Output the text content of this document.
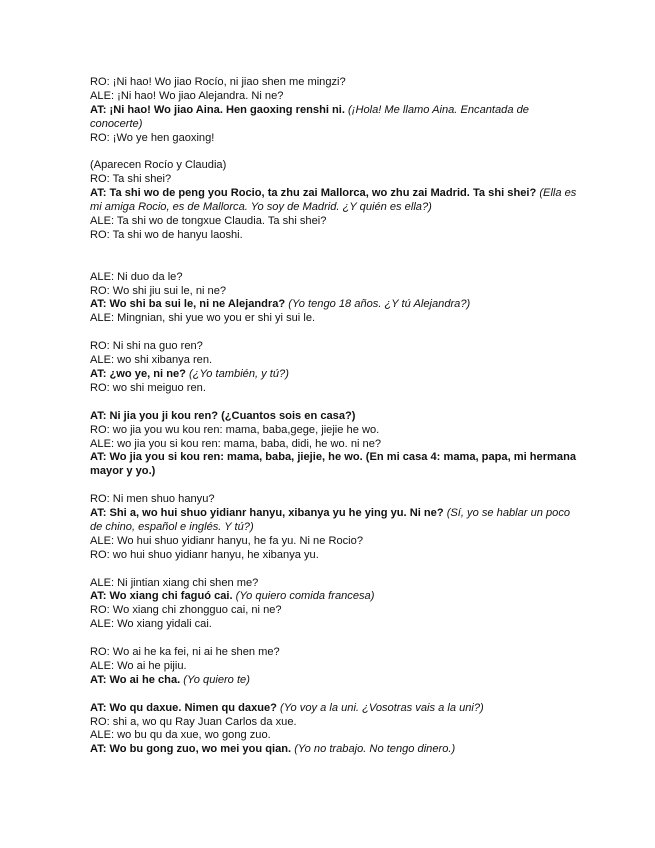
RO: ¡Ni hao! Wo jiao Rocío, ni jiao shen me mingzi?

ALE: ¡Ni hao! Wo jiao Alejandra. Ni ne?

AT: ¡Ni hao! Wo jiao Aina. Hen gaoxing renshi ni. (¡Hola! Me llamo Aina. Encantada de conocerte)

RO: ¡Wo ye hen gaoxing!

(Aparecen Rocío y Claudia)

RO: Ta shi shei?

AT: Ta shi wo de peng you Rocio, ta zhu zai Mallorca, wo zhu zai Madrid. Ta shi shei? (Ella es mi amiga Rocio, es de Mallorca. Yo soy de Madrid. ¿Y quién es ella?)

ALE: Ta shi wo de tongxue Claudia. Ta shi shei?

RO: Ta shi wo de hanyu laoshi.

ALE: Ni duo da le?

RO: Wo shi jiu sui le, ni ne?

AT: Wo shi ba sui le, ni ne Alejandra? (Yo tengo 18 años. ¿Y tú Alejandra?)

ALE: Mingnian, shi yue wo you er shi yi sui le.

RO: Ni shi na guo ren?

ALE: wo shi xibanya ren.

AT: ¿wo ye, ni ne? (¿Yo también, y tú?)

RO: wo shi meiguo ren.

AT: Ni jia you ji kou ren? (¿Cuantos sois en casa?)

RO: wo jia you wu kou ren: mama, baba,gege, jiejie he wo.

ALE: wo jia you si kou ren: mama, baba, didi, he wo. ni ne?

AT: Wo jia you si kou ren: mama, baba, jiejie, he wo. (En mi casa 4: mama, papa, mi hermana mayor y yo.)

RO: Ni men shuo hanyu?

AT: Shi a, wo hui shuo yidianr hanyu, xibanya yu he ying yu. Ni ne? (Sí, yo se hablar un poco de chino, español e inglés. Y tú?)

ALE: Wo hui shuo yidianr hanyu, he fa yu. Ni ne Rocio?

RO: wo hui shuo yidianr hanyu, he xibanya yu.

ALE: Ni jintian xiang chi shen me?

AT: Wo xiang chi faguó cai. (Yo quiero comida francesa)

RO: Wo xiang chi zhongguo cai, ni ne?

ALE: Wo xiang yidali cai.

RO: Wo ai he ka fei, ni ai he shen me?

ALE: Wo ai he pijiu.

AT: Wo ai he cha. (Yo quiero te)

AT: Wo qu daxue. Nimen qu daxue? (Yo voy a la uni. ¿Vosotras vais a la uni?)

RO: shi a, wo qu Ray Juan Carlos da xue.

ALE: wo bu qu da xue, wo gong zuo.

AT: Wo bu gong zuo, wo mei you qian. (Yo no trabajo. No tengo dinero.)
